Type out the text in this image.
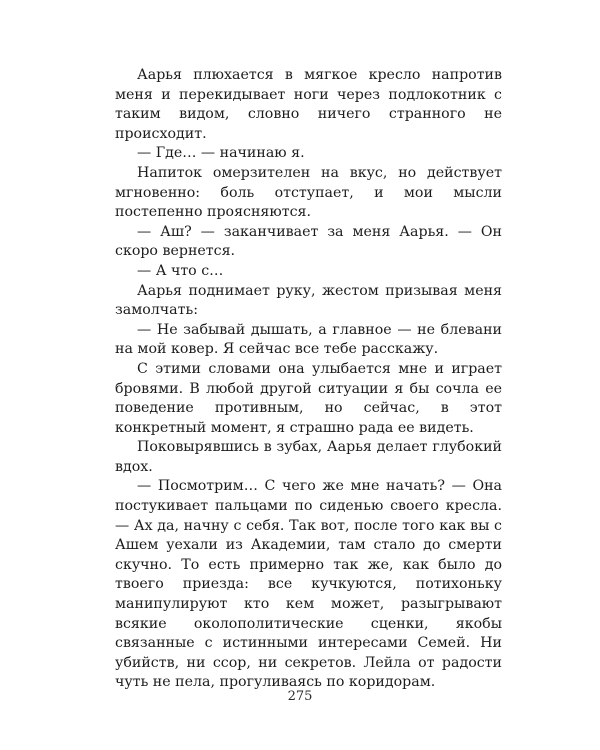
Аарья плюхается в мягкое кресло напротив меня и перекидывает ноги через подлокотник с таким видом, словно ничего странного не происходит.

— Где… — начинаю я.

Напиток омерзителен на вкус, но действует мгновенно: боль отступает, и мои мысли постепенно проясняются.

— Аш? — заканчивает за меня Аарья. — Он скоро вернется.

— А что с…

Аарья поднимает руку, жестом призывая меня замолчать:

— Не забывай дышать, а главное — не блевани на мой ковер. Я сейчас все тебе расскажу.

С этими словами она улыбается мне и играет бровями. В любой другой ситуации я бы сочла ее поведение противным, но сейчас, в этот конкретный момент, я страшно рада ее видеть.

Поковырявшись в зубах, Аарья делает глубокий вдох.

— Посмотрим… С чего же мне начать? — Она постукивает пальцами по сиденью своего кресла. — Ах да, начну с себя. Так вот, после того как вы с Ашем уехали из Академии, там стало до смерти скучно. То есть примерно так же, как было до твоего приезда: все кучкуются, потихоньку манипулируют кто кем может, разыгрывают всякие околополитические сценки, якобы связанные с истинными интересами Семей. Ни убийств, ни ссор, ни секретов. Лейла от радости чуть не пела, прогуливаясь по коридорам.

275
